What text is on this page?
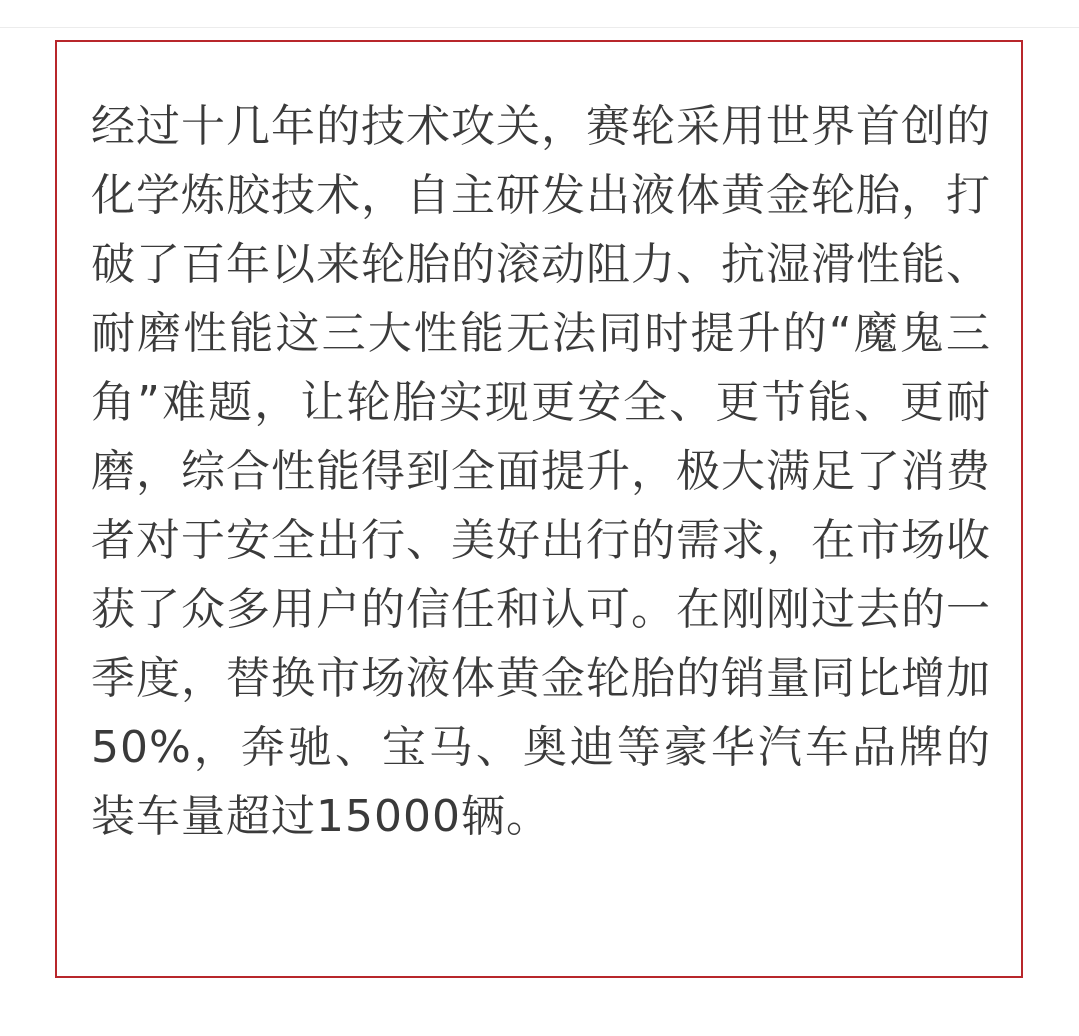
经过十几年的技术攻关，赛轮采用世界首创的化学炼胶技术，自主研发出液体黄金轮胎，打破了百年以来轮胎的滚动阻力、抗湿滑性能、耐磨性能这三大性能无法同时提升的“魔鬼三角”难题，让轮胎实现更安全、更节能、更耐磨，综合性能得到全面提升，极大满足了消费者对于安全出行、美好出行的需求，在市场收获了众多用户的信任和认可。在刚刚过去的一季度，替换市场液体黄金轮胎的销量同比增加50%，奔驰、宝马、奥迪等豪华汽车品牌的装车量超过15000辆。
